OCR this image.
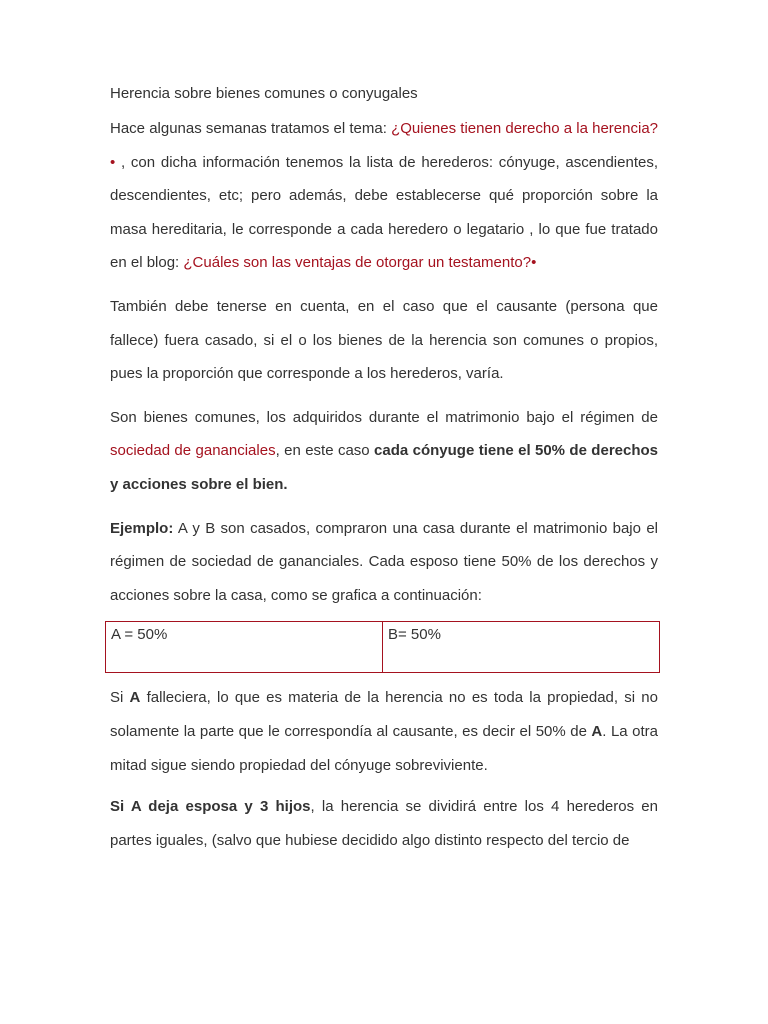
Herencia sobre bienes comunes o conyugales

Hace algunas semanas tratamos el tema: ¿Quienes tienen derecho a la herencia?• , con dicha información tenemos la lista de herederos: cónyuge, ascendientes, descendientes, etc; pero además, debe establecerse qué proporción sobre la masa hereditaria, le corresponde a cada heredero o legatario , lo que fue tratado en el blog: ¿Cuáles son las ventajas de otorgar un testamento?•

También debe tenerse en cuenta, en el caso que el causante (persona que fallece) fuera casado, si el o los bienes de la herencia son comunes o propios, pues la proporción que corresponde a los herederos, varía.

Son bienes comunes, los adquiridos durante el matrimonio bajo el régimen de sociedad de gananciales, en este caso cada cónyuge tiene el 50% de derechos y acciones sobre el bien.

Ejemplo: A y B son casados, compraron una casa durante el matrimonio bajo el régimen de sociedad de gananciales. Cada esposo tiene 50% de los derechos y acciones sobre la casa, como se grafica a continuación:

A = 50%	B= 50%

Si A falleciera, lo que es materia de la herencia no es toda la propiedad, si no solamente la parte que le correspondía al causante, es decir el 50% de A. La otra mitad sigue siendo propiedad del cónyuge sobreviviente.

Si A deja esposa y 3 hijos, la herencia se dividirá entre los 4 herederos en partes iguales, (salvo que hubiese decidido algo distinto respecto del tercio de
